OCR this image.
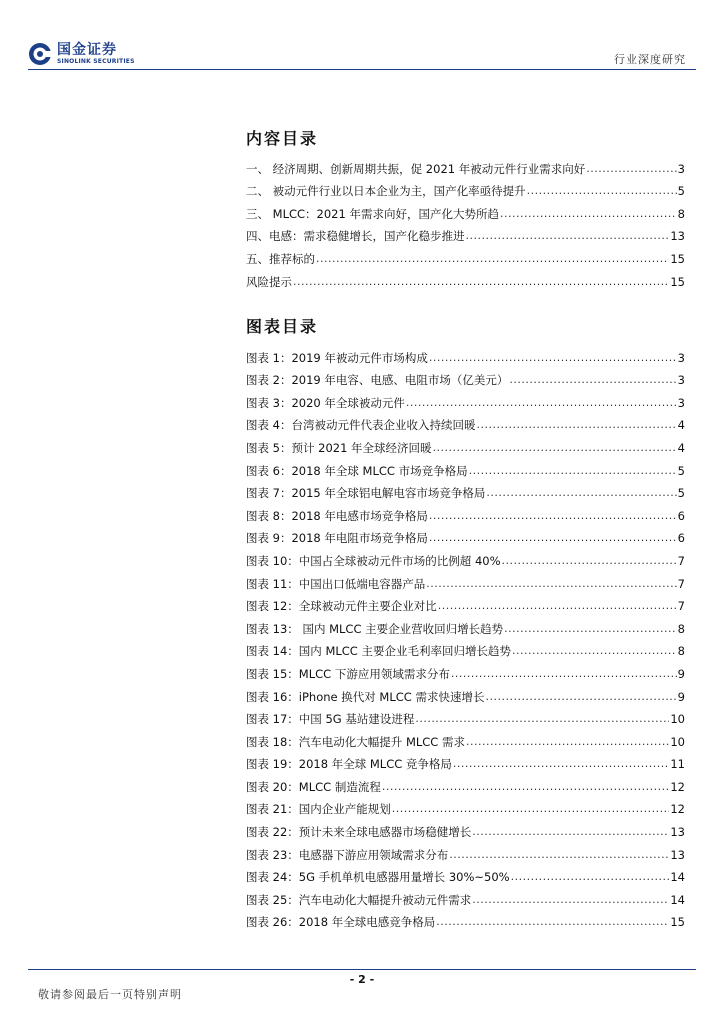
国金证券
SINOLINK SECURITIES	行业深度研究
内容目录
一、 经济周期、创新周期共振，促 2021 年被动元件行业需求向好 .....	3
二、 被动元件行业以日本企业为主，国产化率亟待提升 .....	5
三、 MLCC：2021 年需求向好，国产化大势所趋 .....	8
四、电感：需求稳健增长，国产化稳步推进 .....	13
五、推荐标的 .....	15
风险提示 .....	15
图表目录
图表 1：2019 年被动元件市场构成 .....	3
图表 2：2019 年电容、电感、电阻市场（亿美元） .....	3
图表 3：2020 年全球被动元件 .....	3
图表 4：台湾被动元件代表企业收入持续回暖 .....	4
图表 5：预计 2021 年全球经济回暖 .....	4
图表 6：2018 年全球 MLCC 市场竞争格局 .....	5
图表 7：2015 年全球铝电解电容市场竞争格局 .....	5
图表 8：2018 年电感市场竞争格局 .....	6
图表 9：2018 年电阻市场竞争格局 .....	6
图表 10：中国占全球被动元件市场的比例超 40% .....	7
图表 11：中国出口低端电容器产品 .....	7
图表 12：全球被动元件主要企业对比 .....	7
图表 13： 国内 MLCC 主要企业营收回归增长趋势 .....	8
图表 14：国内 MLCC 主要企业毛利率回归增长趋势 .....	8
图表 15：MLCC 下游应用领域需求分布 .....	9
图表 16：iPhone 换代对 MLCC 需求快速增长 .....	9
图表 17：中国 5G 基站建设进程 .....	10
图表 18：汽车电动化大幅提升 MLCC 需求 .....	10
图表 19：2018 年全球 MLCC 竞争格局 .....	11
图表 20：MLCC 制造流程 .....	12
图表 21：国内企业产能规划 .....	12
图表 22：预计未来全球电感器市场稳健增长 .....	13
图表 23：电感器下游应用领域需求分布 .....	13
图表 24：5G 手机单机电感器用量增长 30%~50% .....	14
图表 25：汽车电动化大幅提升被动元件需求 .....	14
图表 26：2018 年全球电感竞争格局 .....	15
- 2 -
敬请参阅最后一页特别声明
